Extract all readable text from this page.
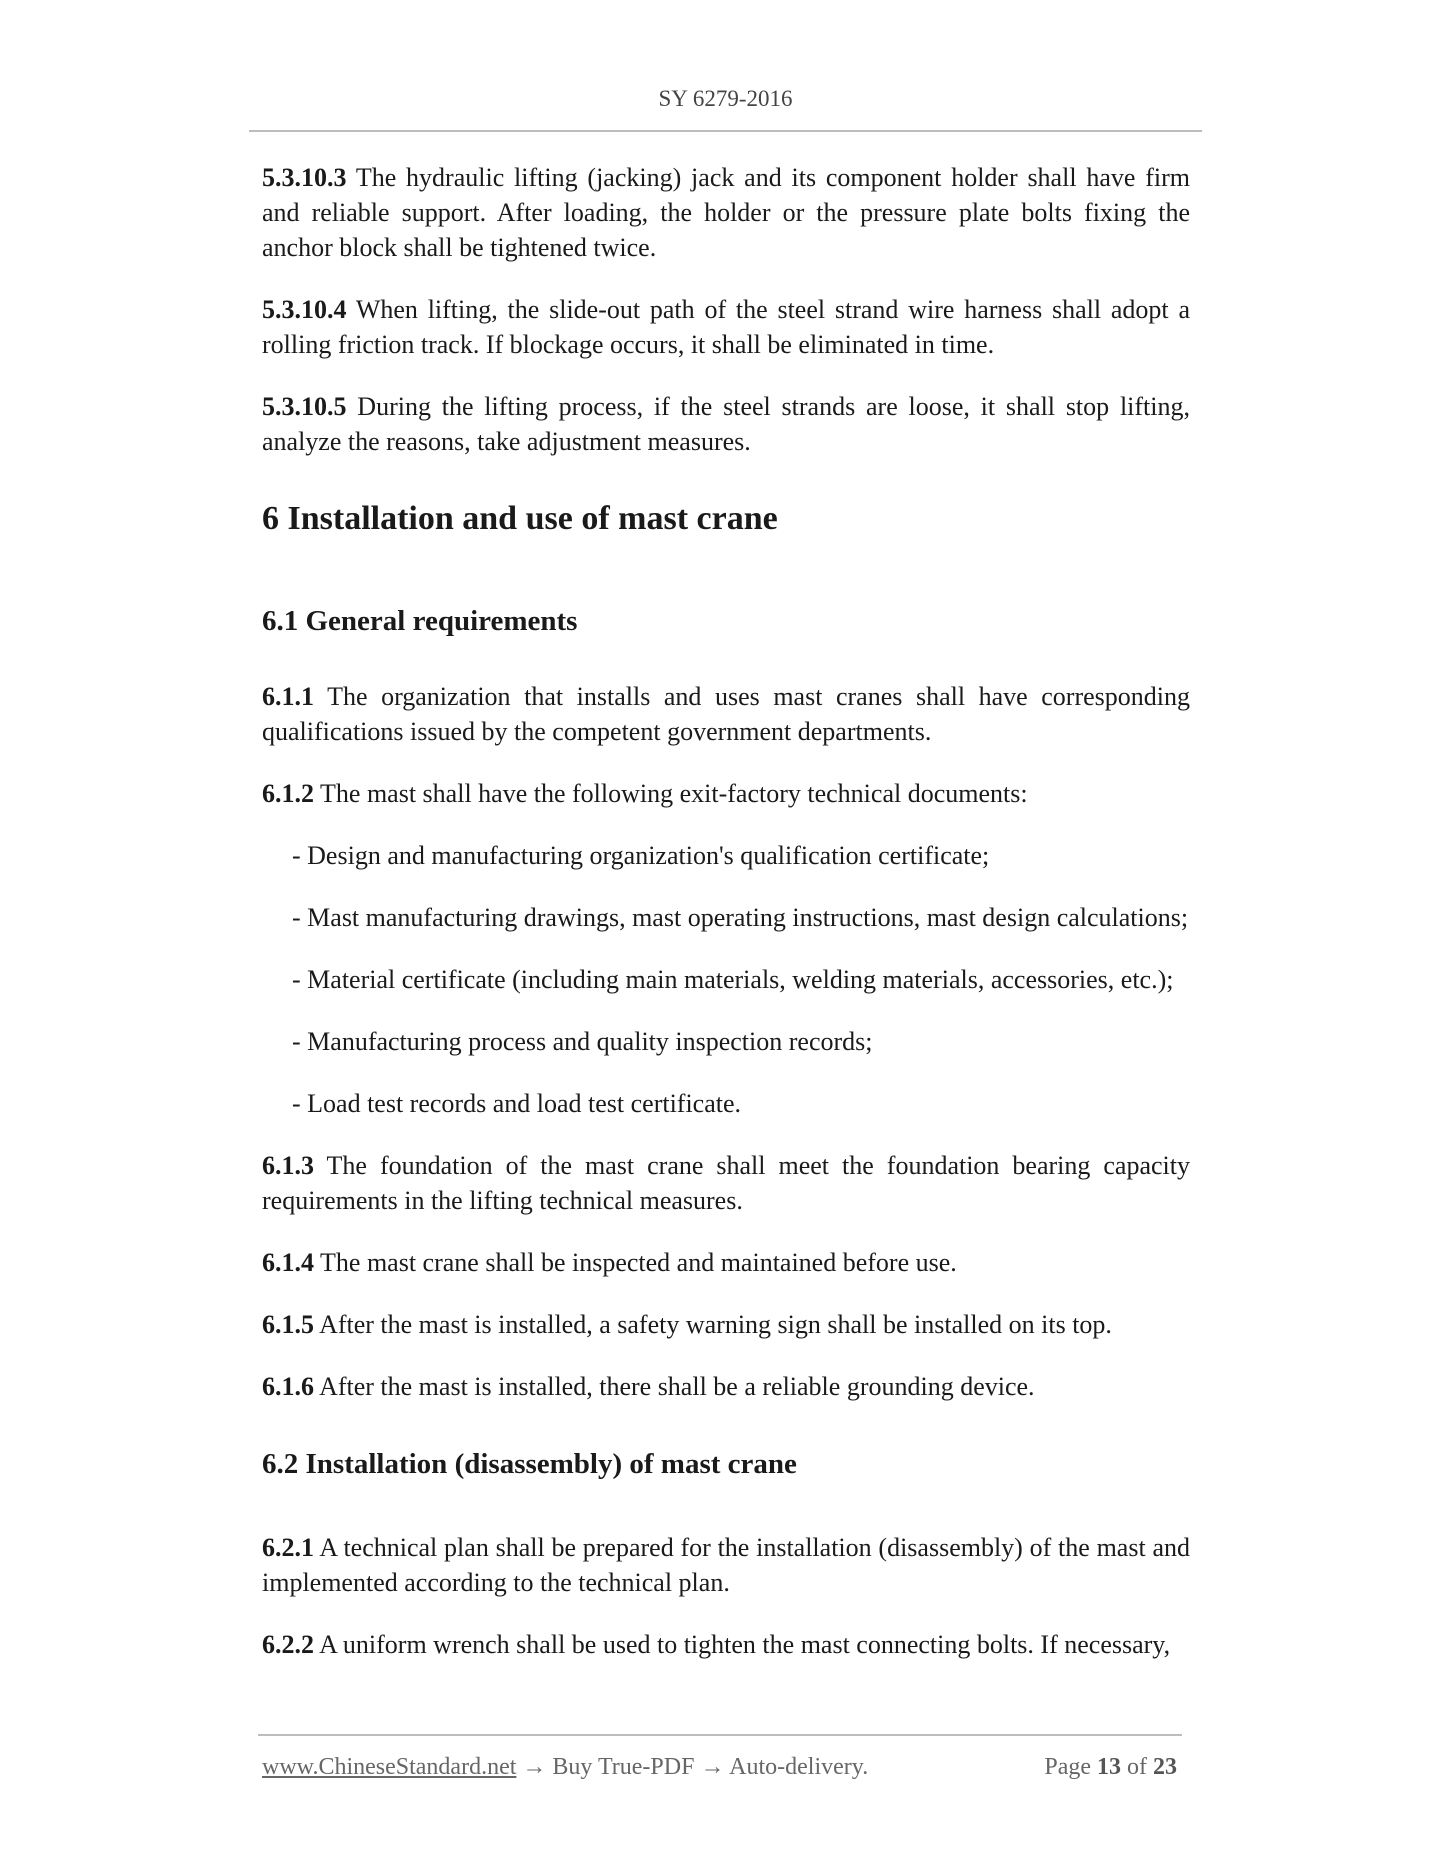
SY 6279-2016

5.3.10.3 The hydraulic lifting (jacking) jack and its component holder shall have firm and reliable support. After loading, the holder or the pressure plate bolts fixing the anchor block shall be tightened twice.

5.3.10.4 When lifting, the slide-out path of the steel strand wire harness shall adopt a rolling friction track. If blockage occurs, it shall be eliminated in time.

5.3.10.5 During the lifting process, if the steel strands are loose, it shall stop lifting, analyze the reasons, take adjustment measures.

6 Installation and use of mast crane
6.1 General requirements

6.1.1 The organization that installs and uses mast cranes shall have corresponding qualifications issued by the competent government departments.

6.1.2 The mast shall have the following exit-factory technical documents:

- Design and manufacturing organization's qualification certificate;
- Mast manufacturing drawings, mast operating instructions, mast design calculations;
- Material certificate (including main materials, welding materials, accessories, etc.);
- Manufacturing process and quality inspection records;
- Load test records and load test certificate.

6.1.3 The foundation of the mast crane shall meet the foundation bearing capacity requirements in the lifting technical measures.

6.1.4 The mast crane shall be inspected and maintained before use.

6.1.5 After the mast is installed, a safety warning sign shall be installed on its top.

6.1.6 After the mast is installed, there shall be a reliable grounding device.

6.2 Installation (disassembly) of mast crane

6.2.1 A technical plan shall be prepared for the installation (disassembly) of the mast and implemented according to the technical plan.

6.2.2 A uniform wrench shall be used to tighten the mast connecting bolts. If necessary,

www.ChineseStandard.net → Buy True-PDF → Auto-delivery.	Page 13 of 23
